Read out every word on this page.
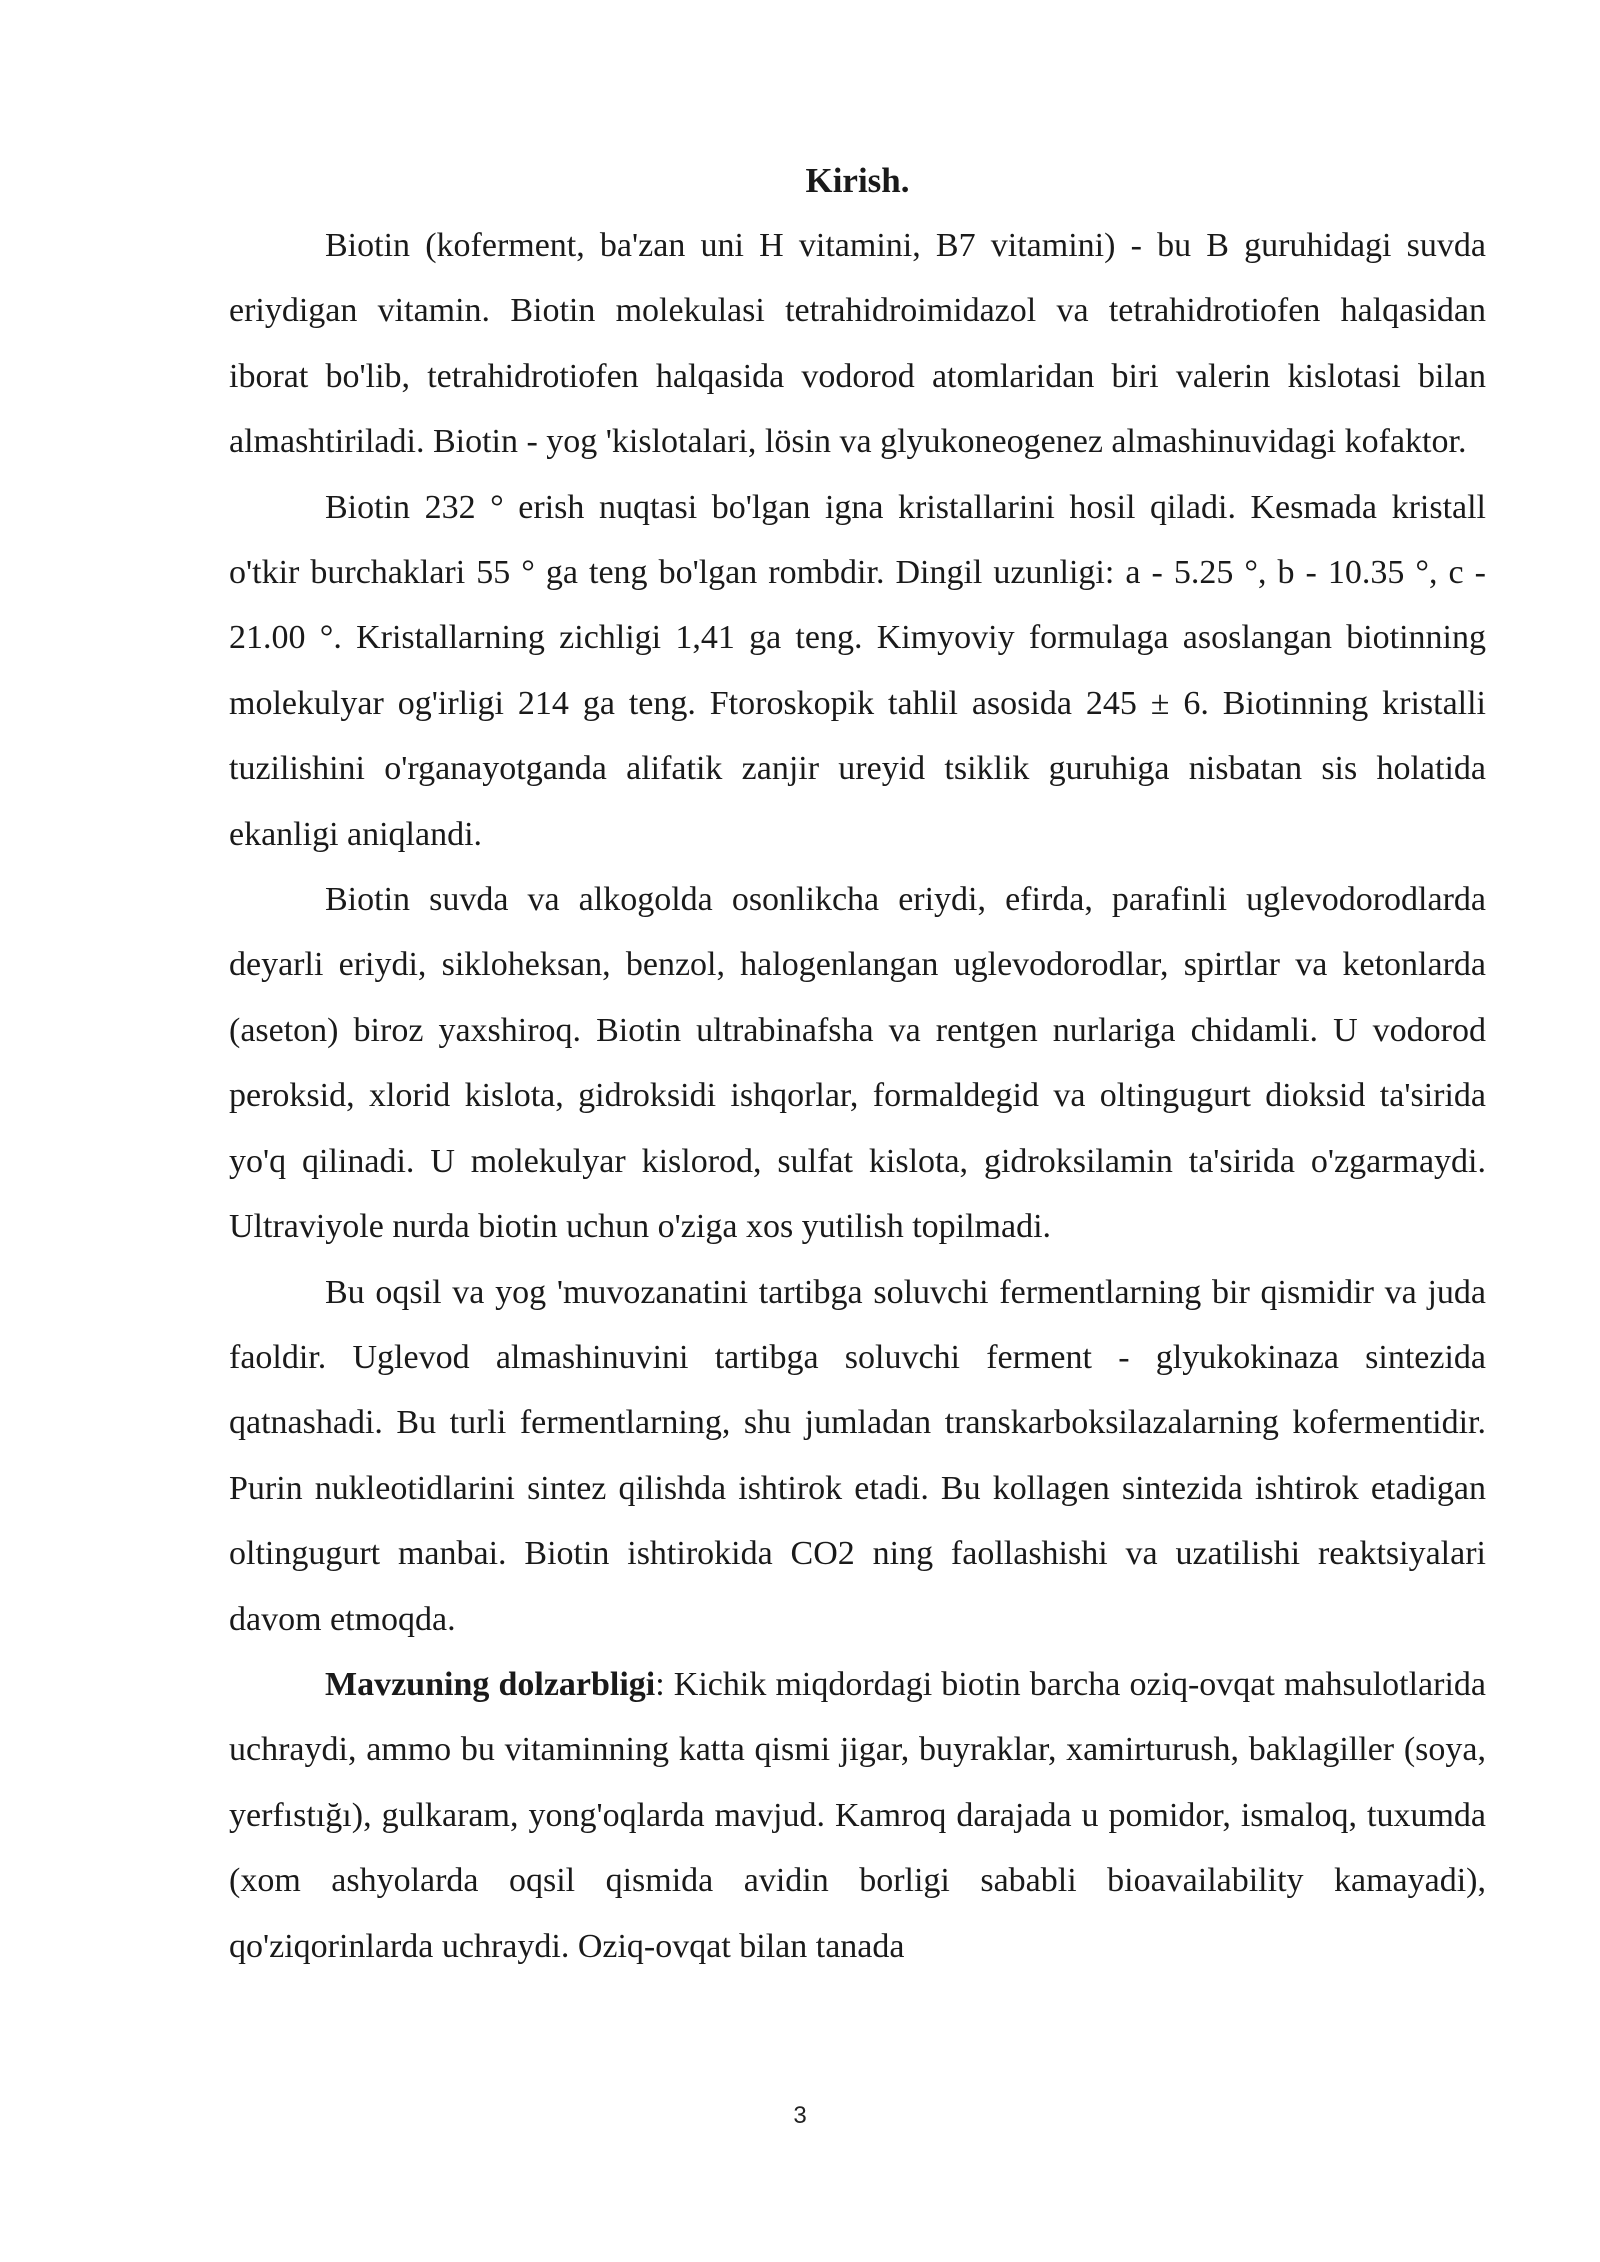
Kirish.

Biotin (koferment, ba'zan uni H vitamini, B7 vitamini) - bu B guruhidagi suvda eriydigan vitamin. Biotin molekulasi tetrahidroimidazol va tetrahidrotiofen halqasidan iborat bo'lib, tetrahidrotiofen halqasida vodorod atomlaridan biri valerin kislotasi bilan almashtiriladi. Biotin - yog 'kislotalari, lösin va glyukoneogenez almashinuvidagi kofaktor.

Biotin 232 ° erish nuqtasi bo'lgan igna kristallarini hosil qiladi. Kesmada kristall o'tkir burchaklari 55 ° ga teng bo'lgan rombdir. Dingil uzunligi: a - 5.25 °, b - 10.35 °, c - 21.00 °. Kristallarning zichligi 1,41 ga teng. Kimyoviy formulaga asoslangan biotinning molekulyar og'irligi 214 ga teng. Ftoroskopik tahlil asosida 245 ± 6. Biotinning kristalli tuzilishini o'rganayotganda alifatik zanjir ureyid tsiklik guruhiga nisbatan sis holatida ekanligi aniqlandi.

Biotin suvda va alkogolda osonlikcha eriydi, efirda, parafinli uglevodorodlarda deyarli eriydi, sikloheksan, benzol, halogenlangan uglevodorodlar, spirtlar va ketonlarda (aseton) biroz yaxshiroq. Biotin ultrabinafsha va rentgen nurlariga chidamli. U vodorod peroksid, xlorid kislota, gidroksidi ishqorlar, formaldegid va oltingugurt dioksid ta'sirida yo'q qilinadi. U molekulyar kislorod, sulfat kislota, gidroksilamin ta'sirida o'zgarmaydi. Ultraviyole nurda biotin uchun o'ziga xos yutilish topilmadi.

Bu oqsil va yog 'muvozanatini tartibga soluvchi fermentlarning bir qismidir va juda faoldir. Uglevod almashinuvini tartibga soluvchi ferment - glyukokinaza sintezida qatnashadi. Bu turli fermentlarning, shu jumladan transkarboksilazalarning kofermentidir. Purin nukleotidlarini sintez qilishda ishtirok etadi. Bu kollagen sintezida ishtirok etadigan oltingugurt manbai. Biotin ishtirokida CO2 ning faollashishi va uzatilishi reaktsiyalari davom etmoqda.

Mavzuning dolzarbligi: Kichik miqdordagi biotin barcha oziq-ovqat mahsulotlarida uchraydi, ammo bu vitaminning katta qismi jigar, buyraklar, xamirturush, baklagiller (soya, yerfıstığı), gulkaram, yong'oqlarda mavjud. Kamroq darajada u pomidor, ismaloq, tuxumda (xom ashyolarda oqsil qismida avidin borligi sababli bioavailability kamayadi), qo'ziqorinlarda uchraydi. Oziq-ovqat bilan tanada

3
